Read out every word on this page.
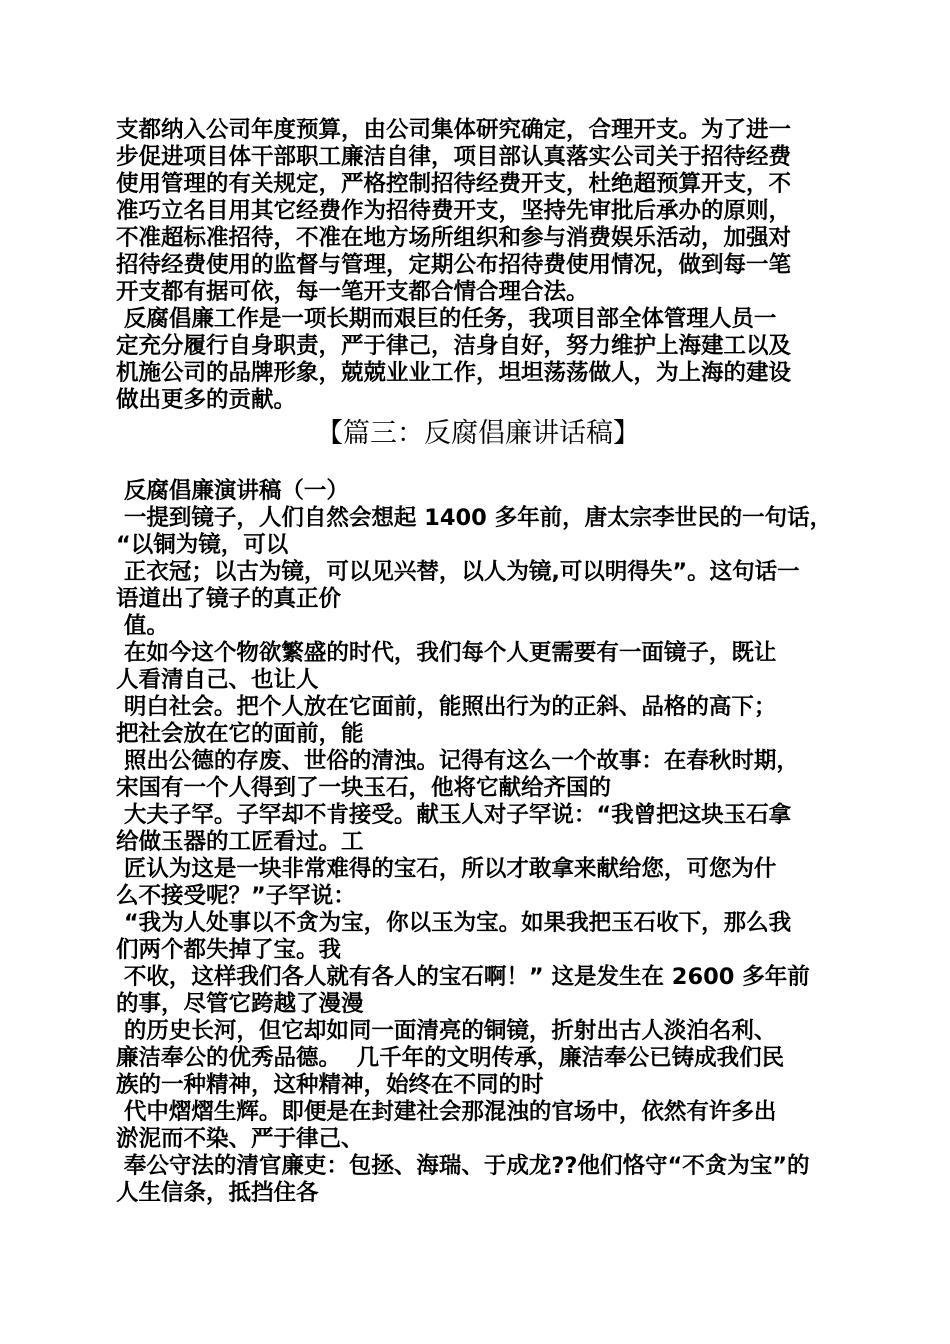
支都纳入公司年度预算，由公司集体研究确定，合理开支。为了进一

步促进项目体干部职工廉洁自律，项目部认真落实公司关于招待经费

使用管理的有关规定，严格控制招待经费开支，杜绝超预算开支，不

准巧立名目用其它经费作为招待费开支，坚持先审批后承办的原则，

不准超标准招待，不准在地方场所组织和参与消费娱乐活动，加强对

招待经费使用的监督与管理，定期公布招待费使用情况，做到每一笔

开支都有据可依，每一笔开支都合情合理合法。

反腐倡廉工作是一项长期而艰巨的任务，我项目部全体管理人员一

定充分履行自身职责，严于律己，洁身自好，努力维护上海建工以及

机施公司的品牌形象，兢兢业业工作，坦坦荡荡做人，为上海的建设

做出更多的贡献。

【篇三：反腐倡廉讲话稿】

反腐倡廉演讲稿（一）

一提到镜子，人们自然会想起 1400 多年前，唐太宗李世民的一句话，

“以铜为镜，可以

正衣冠；以古为镜，可以见兴替，以人为镜,可以明得失”。这句话一

语道出了镜子的真正价

值。

在如今这个物欲繁盛的时代，我们每个人更需要有一面镜子，既让

人看清自己、也让人

明白社会。把个人放在它面前，能照出行为的正斜、品格的高下；

把社会放在它的面前，能

照出公德的存废、世俗的清浊。记得有这么一个故事：在春秋时期，

宋国有一个人得到了一块玉石，他将它献给齐国的

大夫子罕。子罕却不肯接受。献玉人对子罕说：“我曾把这块玉石拿

给做玉器的工匠看过。工

匠认为这是一块非常难得的宝石，所以才敢拿来献给您，可您为什

么不接受呢？”子罕说：

“我为人处事以不贪为宝，你以玉为宝。如果我把玉石收下，那么我

们两个都失掉了宝。我

不收，这样我们各人就有各人的宝石啊！” 这是发生在 2600 多年前

的事，尽管它跨越了漫漫

的历史长河，但它却如同一面清亮的铜镜，折射出古人淡泊名利、

廉洁奉公的优秀品德。  几千年的文明传承，廉洁奉公已铸成我们民

族的一种精神，这种精神，始终在不同的时

代中熠熠生辉。即便是在封建社会那混浊的官场中，依然有许多出

淤泥而不染、严于律己、

奉公守法的清官廉吏：包拯、海瑞、于成龙??他们恪守“不贪为宝”的

人生信条，抵挡住各
